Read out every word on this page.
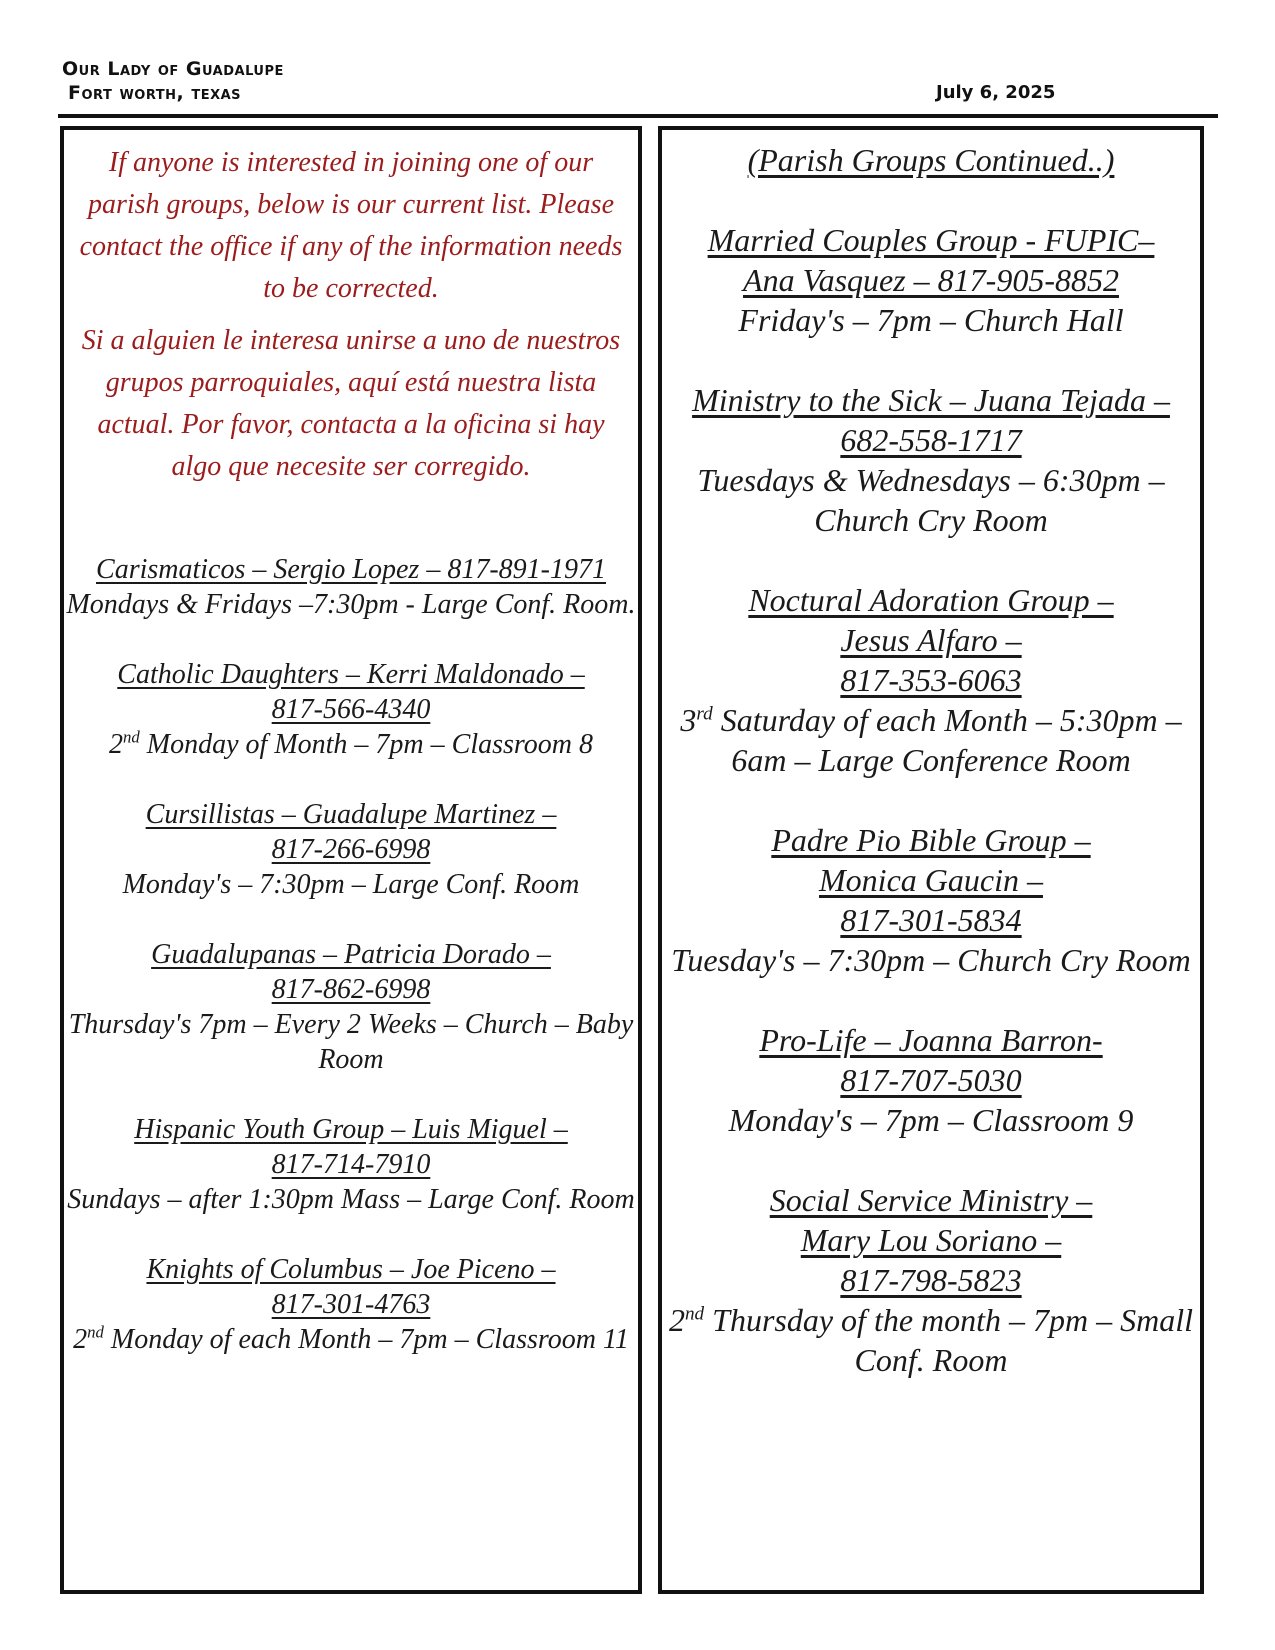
Our Lady of Guadalupe
Fort worth, texas	July 6, 2025

If anyone is interested in joining one of our parish groups, below is our current list. Please contact the office if any of the information needs to be corrected.

Si a alguien le interesa unirse a uno de nuestros grupos parroquiales, aquí está nuestra lista actual. Por favor, contacta a la oficina si hay algo que necesite ser corregido.

Carismaticos – Sergio Lopez – 817-891-1971
Mondays & Fridays –7:30pm - Large Conf. Room.
Catholic Daughters – Kerri Maldonado –
817-566-4340
2nd Monday of Month – 7pm – Classroom 8
Cursillistas – Guadalupe Martinez –
817-266-6998
Monday's – 7:30pm – Large Conf. Room
Guadalupanas – Patricia Dorado –
817-862-6998
Thursday's 7pm – Every 2 Weeks – Church – Baby Room
Hispanic Youth Group – Luis Miguel –
817-714-7910
Sundays – after 1:30pm Mass – Large Conf. Room
Knights of Columbus – Joe Piceno –
817-301-4763
2nd Monday of each Month – 7pm – Classroom 11
(Parish Groups Continued..)
Married Couples Group - FUPIC–
Ana Vasquez – 817-905-8852
Friday's – 7pm – Church Hall
Ministry to the Sick – Juana Tejada –
682-558-1717
Tuesdays & Wednesdays – 6:30pm – Church Cry Room
Noctural Adoration Group –
Jesus Alfaro –
817-353-6063
3rd Saturday of each Month – 5:30pm – 6am – Large Conference Room
Padre Pio Bible Group –
Monica Gaucin –
817-301-5834
Tuesday's – 7:30pm – Church Cry Room
Pro-Life – Joanna Barron-
817-707-5030
Monday's – 7pm – Classroom 9
Social Service Ministry –
Mary Lou Soriano –
817-798-5823
2nd Thursday of the month – 7pm – Small Conf. Room
